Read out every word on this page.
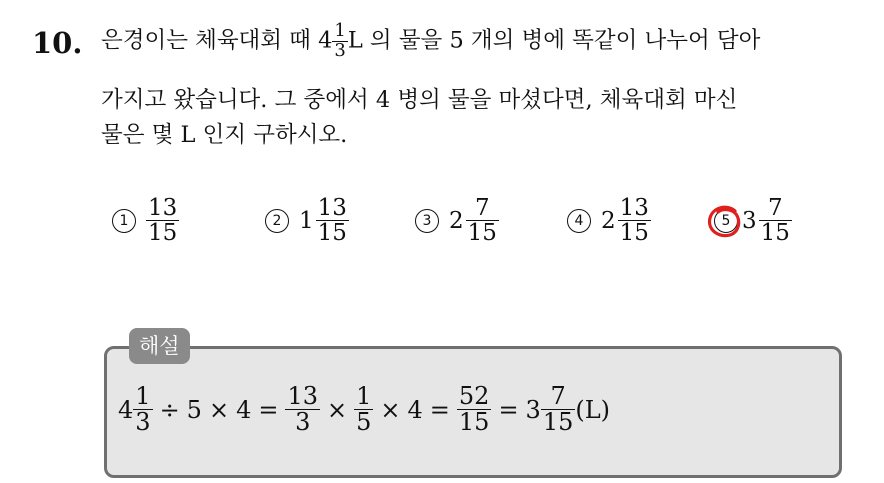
10. 은경이는 체육대회 때 $4 \frac{1}{3}$ L 의 물을 5 개의 병에 똑같이 나누어 담아
가지고 왔습니다. 그 중에서 4 병의 물을 마셨다면, 체육대회 마신
물은 몇 L 인지 구하시오.
$1 \frac{13}{15}$	2 $1 \frac{13}{15}$	3 $2 \frac{7}{15}$	4 $2 \frac{13}{15}$	5 $3 \frac{7}{15}$
해설
$4 \frac{1}{3} \div 5 \times 4 = \frac{13}{3} \times \frac{1}{5} \times 4 = \frac{52}{15} = 3 \frac{7}{15} (L)$
